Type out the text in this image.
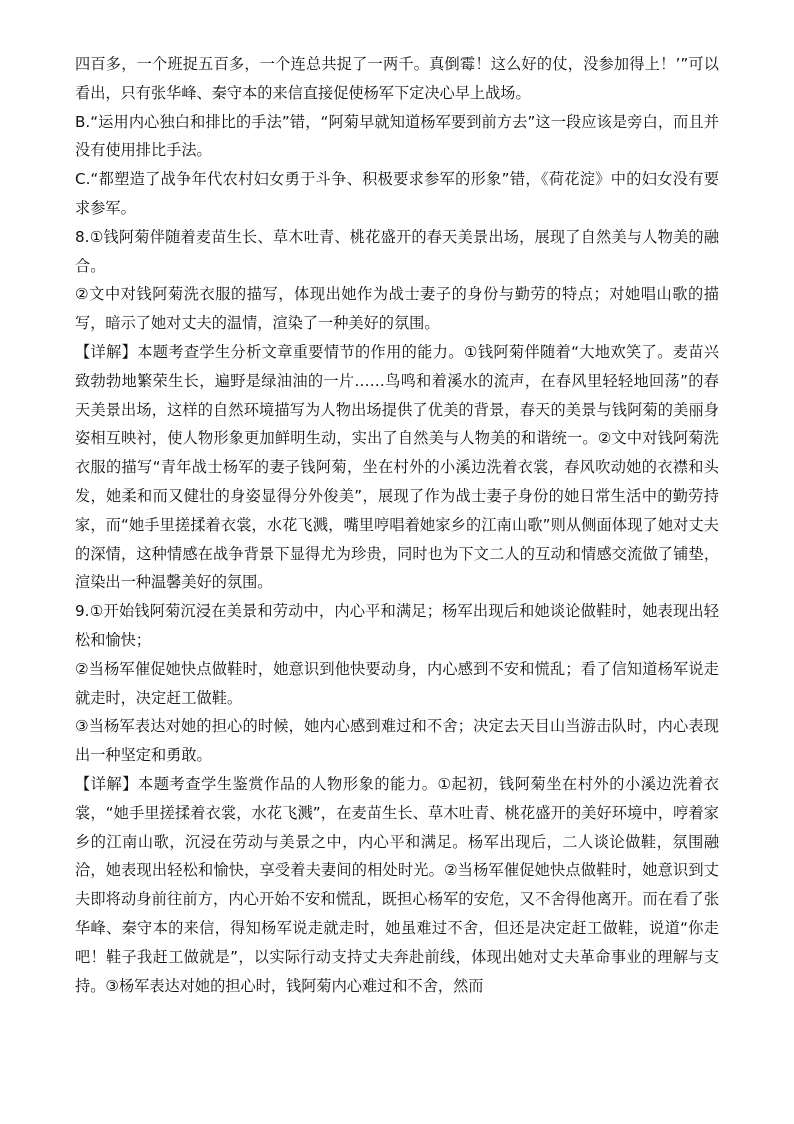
四百多，一个班捉五百多，一个连总共捉了一两千。真倒霉！这么好的仗，没参加得上！’”可以看出，只有张华峰、秦守本的来信直接促使杨军下定决心早上战场。

B.“运用内心独白和排比的手法”错，“阿菊早就知道杨军要到前方去”这一段应该是旁白，而且并没有使用排比手法。

C.“都塑造了战争年代农村妇女勇于斗争、积极要求参军的形象”错，《荷花淀》中的妇女没有要求参军。

8.①钱阿菊伴随着麦苗生长、草木吐青、桃花盛开的春天美景出场，展现了自然美与人物美的融合。

②文中对钱阿菊洗衣服的描写，体现出她作为战士妻子的身份与勤劳的特点；对她唱山歌的描写，暗示了她对丈夫的温情，渲染了一种美好的氛围。

【详解】本题考查学生分析文章重要情节的作用的能力。①钱阿菊伴随着“大地欢笑了。麦苗兴致勃勃地繁荣生长，遍野是绿油油的一片……鸟鸣和着溪水的流声，在春风里轻轻地回荡”的春天美景出场，这样的自然环境描写为人物出场提供了优美的背景，春天的美景与钱阿菊的美丽身姿相互映衬，使人物形象更加鲜明生动，实出了自然美与人物美的和谐统一。②文中对钱阿菊洗衣服的描写“青年战士杨军的妻子钱阿菊，坐在村外的小溪边洗着衣裳，春风吹动她的衣襟和头发，她柔和而又健壮的身姿显得分外俊美”，展现了作为战士妻子身份的她日常生活中的勤劳持家，而“她手里搓揉着衣裳，水花飞溅，嘴里哼唱着她家乡的江南山歌”则从侧面体现了她对丈夫的深情，这种情感在战争背景下显得尤为珍贵，同时也为下文二人的互动和情感交流做了铺垫，渲染出一种温馨美好的氛围。

9.①开始钱阿菊沉浸在美景和劳动中，内心平和满足；杨军出现后和她谈论做鞋时，她表现出轻松和愉快；

②当杨军催促她快点做鞋时，她意识到他快要动身，内心感到不安和慌乱；看了信知道杨军说走就走时，决定赶工做鞋。

③当杨军表达对她的担心的时候，她内心感到难过和不舍；决定去天目山当游击队时，内心表现出一种坚定和勇敢。

【详解】本题考查学生鉴赏作品的人物形象的能力。①起初，钱阿菊坐在村外的小溪边洗着衣裳，“她手里搓揉着衣裳，水花飞溅”，在麦苗生长、草木吐青、桃花盛开的美好环境中，哼着家乡的江南山歌，沉浸在劳动与美景之中，内心平和满足。杨军出现后，二人谈论做鞋，氛围融洽，她表现出轻松和愉快，享受着夫妻间的相处时光。②当杨军催促她快点做鞋时，她意识到丈夫即将动身前往前方，内心开始不安和慌乱，既担心杨军的安危，又不舍得他离开。而在看了张华峰、秦守本的来信，得知杨军说走就走时，她虽难过不舍，但还是决定赶工做鞋，说道“你走吧！鞋子我赶工做就是”，以实际行动支持丈夫奔赴前线，体现出她对丈夫革命事业的理解与支持。③杨军表达对她的担心时，钱阿菊内心难过和不舍，然而
